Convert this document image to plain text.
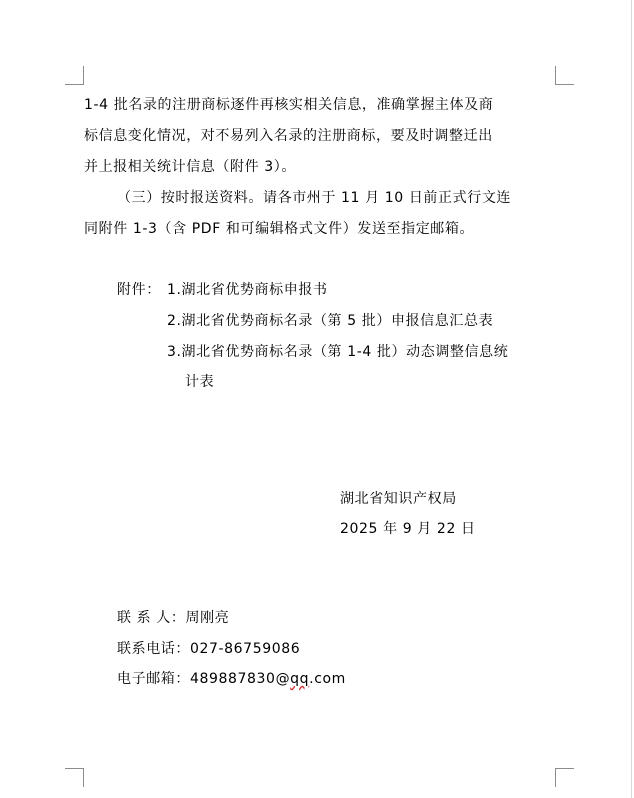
1-4 批名录的注册商标逐件再核实相关信息，准确掌握主体及商
标信息变化情况，对不易列入名录的注册商标，要及时调整迁出
并上报相关统计信息（附件 3）。
（三）按时报送资料。请各市州于 11 月 10 日前正式行文连
同附件 1-3（含 PDF 和可编辑格式文件）发送至指定邮箱。
附件： 1.湖北省优势商标申报书
2.湖北省优势商标名录（第 5 批）申报信息汇总表
3.湖北省优势商标名录（第 1-4 批）动态调整信息统
计表
湖北省知识产权局
2025 年 9 月 22 日
联 系 人：周刚亮
联系电话：027-86759086
电子邮箱：489887830@qq.com
